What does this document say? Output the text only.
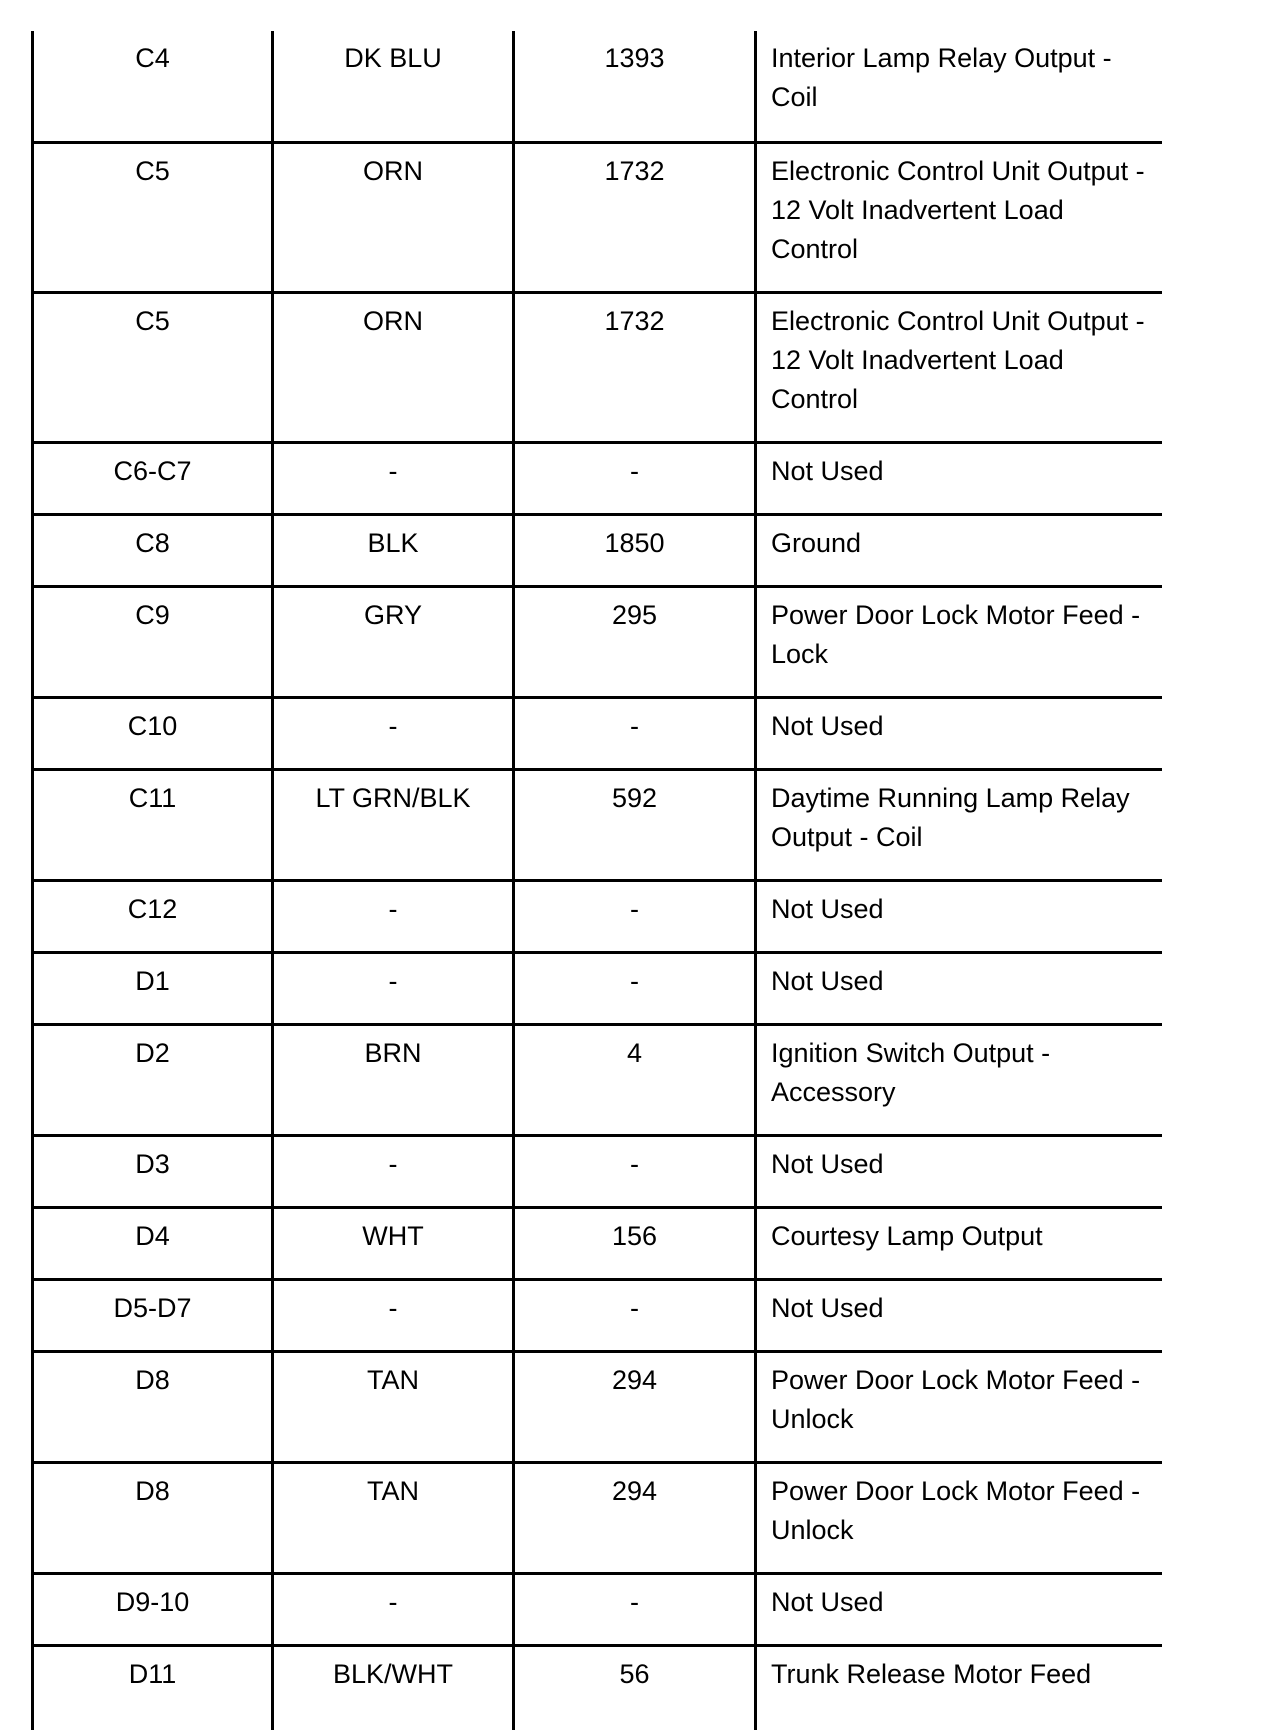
C4	DK BLU	1393	Interior Lamp Relay Output - Coil
C5	ORN	1732	Electronic Control Unit Output - 12 Volt Inadvertent Load Control
C5	ORN	1732	Electronic Control Unit Output - 12 Volt Inadvertent Load Control
C6-C7	-	-	Not Used
C8	BLK	1850	Ground
C9	GRY	295	Power Door Lock Motor Feed - Lock
C10	-	-	Not Used
C11	LT GRN/BLK	592	Daytime Running Lamp Relay Output - Coil
C12	-	-	Not Used
D1	-	-	Not Used
D2	BRN	4	Ignition Switch Output - Accessory
D3	-	-	Not Used
D4	WHT	156	Courtesy Lamp Output
D5-D7	-	-	Not Used
D8	TAN	294	Power Door Lock Motor Feed - Unlock
D8	TAN	294	Power Door Lock Motor Feed - Unlock
D9-10	-	-	Not Used
D11	BLK/WHT	56	Trunk Release Motor Feed
